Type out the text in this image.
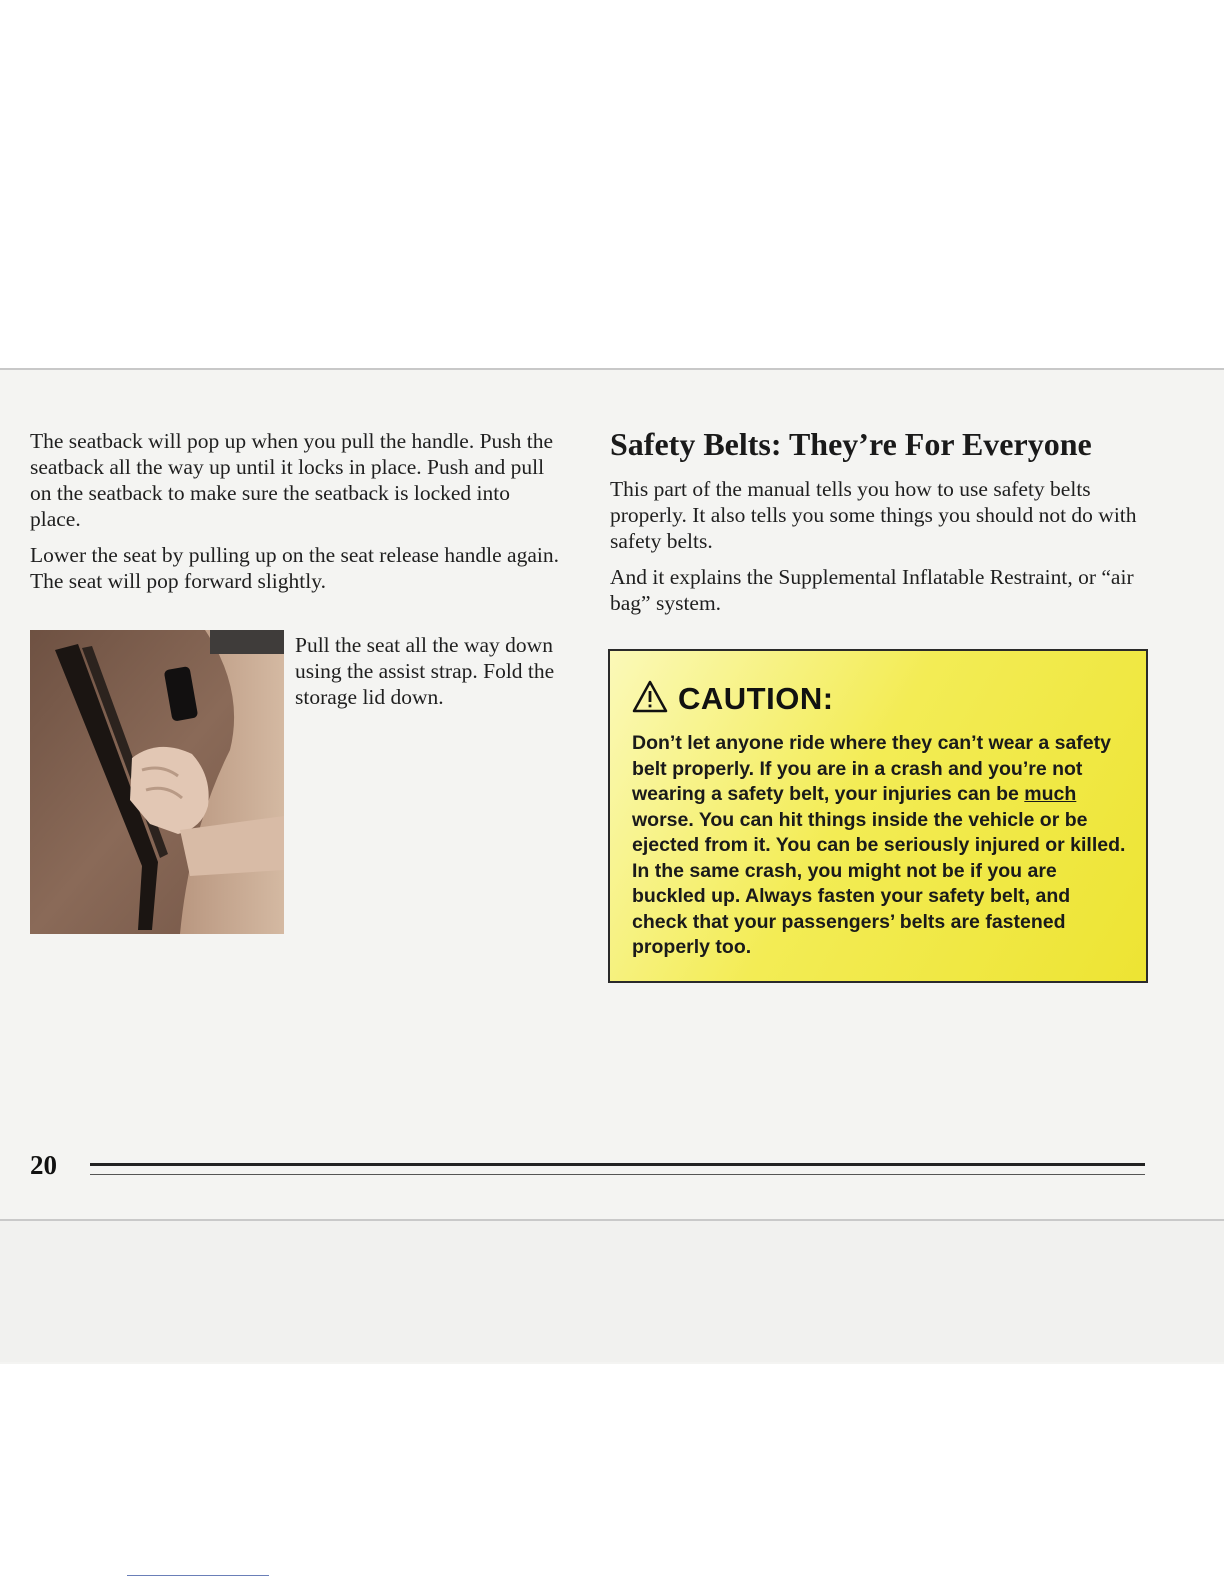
The seatback will pop up when you pull the handle. Push the seatback all the way up until it locks in place. Push and pull on the seatback to make sure the seatback is locked into place.

Lower the seat by pulling up on the seat release handle again. The seat will pop forward slightly.

Pull the seat all the way down using the assist strap. Fold the storage lid down.
Safety Belts: They’re For Everyone

This part of the manual tells you how to use safety belts properly. It also tells you some things you should not do with safety belts.

And it explains the Supplemental Inflatable Restraint, or “air bag” system.

CAUTION:
Don’t let anyone ride where they can’t wear a safety belt properly. If you are in a crash and you’re not wearing a safety belt, your injuries can be much worse. You can hit things inside the vehicle or be ejected from it. You can be seriously injured or killed. In the same crash, you might not be if you are buckled up. Always fasten your safety belt, and check that your passengers’ belts are fastened properly too.
20
